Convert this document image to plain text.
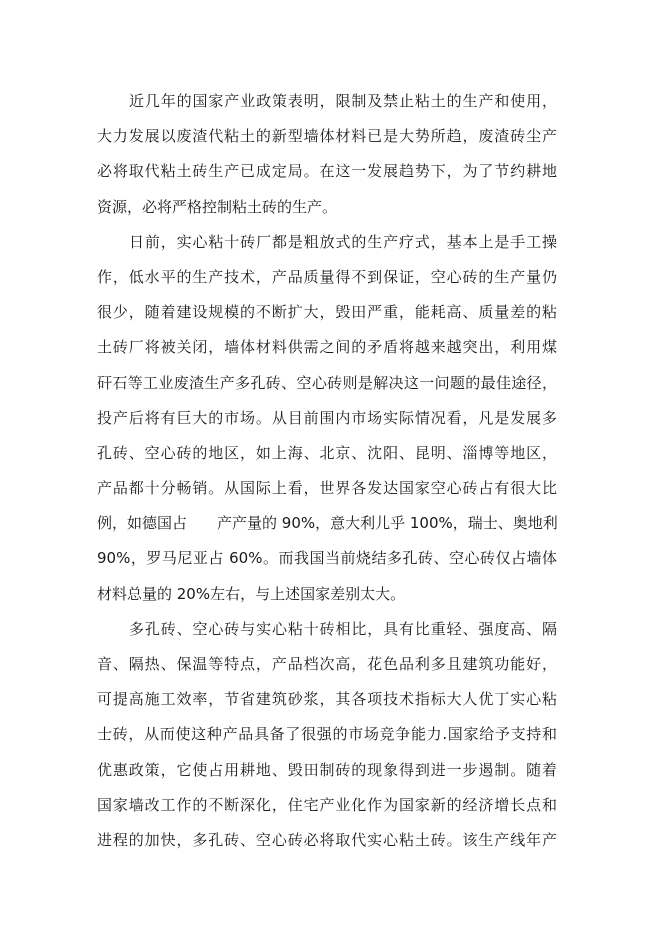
近几年的国家产业政策表明，限制及禁止粘土的生产和使用，
大力发展以废渣代粘土的新型墙体材料已是大势所趋，废渣砖尘产
必将取代粘土砖生产已成定局。在这一发展趋势下，为了节约耕地
资源，必将严格控制粘土砖的生产。
日前，实心粘十砖厂都是粗放式的生产疗式，基本上是手工操
作，低水平的生产技术，产品质量得不到保证，空心砖的生产量仍
很少，随着建设规模的不断扩大，毁田严重，能耗高、质量差的粘
土砖厂将被关闭，墙体材料供需之间的矛盾将越来越突出，利用煤
矸石等工业废渣生产多孔砖、空心砖则是解决这一问题的最佳途径，
投产后将有巨大的市场。从目前围内市场实际情况看，凡是发展多
孔砖、空心砖的地区，如上海、北京、沈阳、昆明、淄博等地区，
产品都十分畅销。从国际上看，世界各发达国家空心砖占有很大比
例，如德国占　　产产量的 90%，意大利儿乎 100%，瑞士、奥地利
90%，罗马尼亚占 60%。而我国当前烧结多孔砖、空心砖仅占墙体
材料总量的 20%左右，与上述国家差别太大。
多孔砖、空心砖与实心粘十砖相比，具有比重轻、强度高、隔
音、隔热、保温等特点，产品档次高，花色品利多且建筑功能好，
可提高施工效率，节省建筑砂浆，其各项技术指标大人优丁实心粘
士砖，从而使这种产品具备了很强的市场竞争能力.国家给予支持和
优惠政策，它使占用耕地、毁田制砖的现象得到进一步遏制。随着
国家墙改工作的不断深化，住宅产业化作为国家新的经济增长点和
进程的加快，多孔砖、空心砖必将取代实心粘土砖。该生产线年产
